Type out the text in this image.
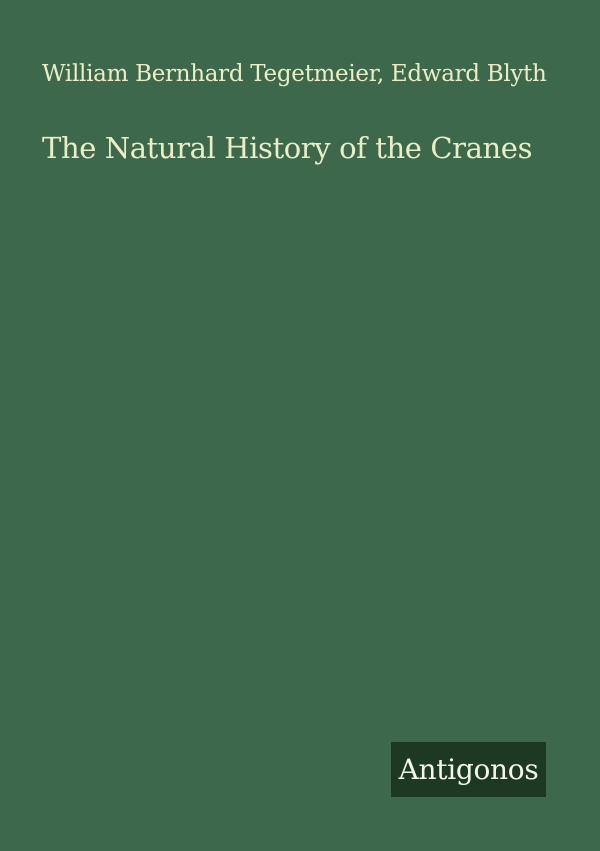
William Bernhard Tegetmeier, Edward Blyth
The Natural History of the Cranes
Antigonos
